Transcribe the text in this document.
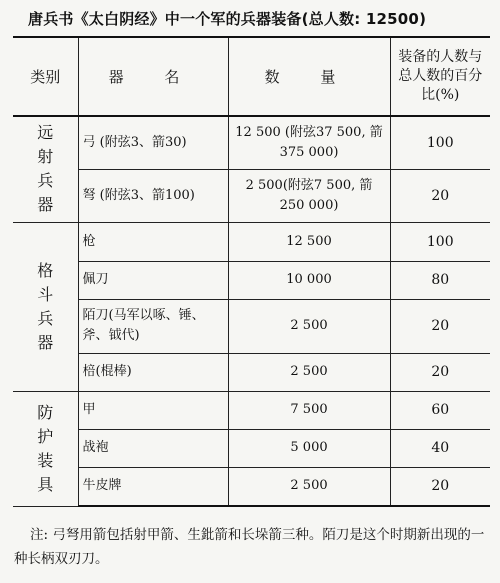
唐兵书《太白阴经》中一个军的兵器装备(总人数: 12500)
类别	器 名	数 量	装备的人数与总人数的百分比(%)
远射兵器	弓 (附弦3、箭30)	12 500 (附弦37 500, 箭 375 000)	100
	弩 (附弦3、箭100)	2 500(附弦7 500, 箭 250 000)	20
格斗兵器	枪	12 500	100
	佩刀	10 000	80
	陌刀(马军以啄、锤、斧、钺代)	2 500	20
	棓(棍棒)	2 500	20
防护装具	甲	7 500	60
	战袍	5 000	40
	牛皮牌	2 500	20
注: 弓弩用箭包括射甲箭、生鈚箭和长垛箭三种。陌刀是这个时期新出现的一种长柄双刃刀。
